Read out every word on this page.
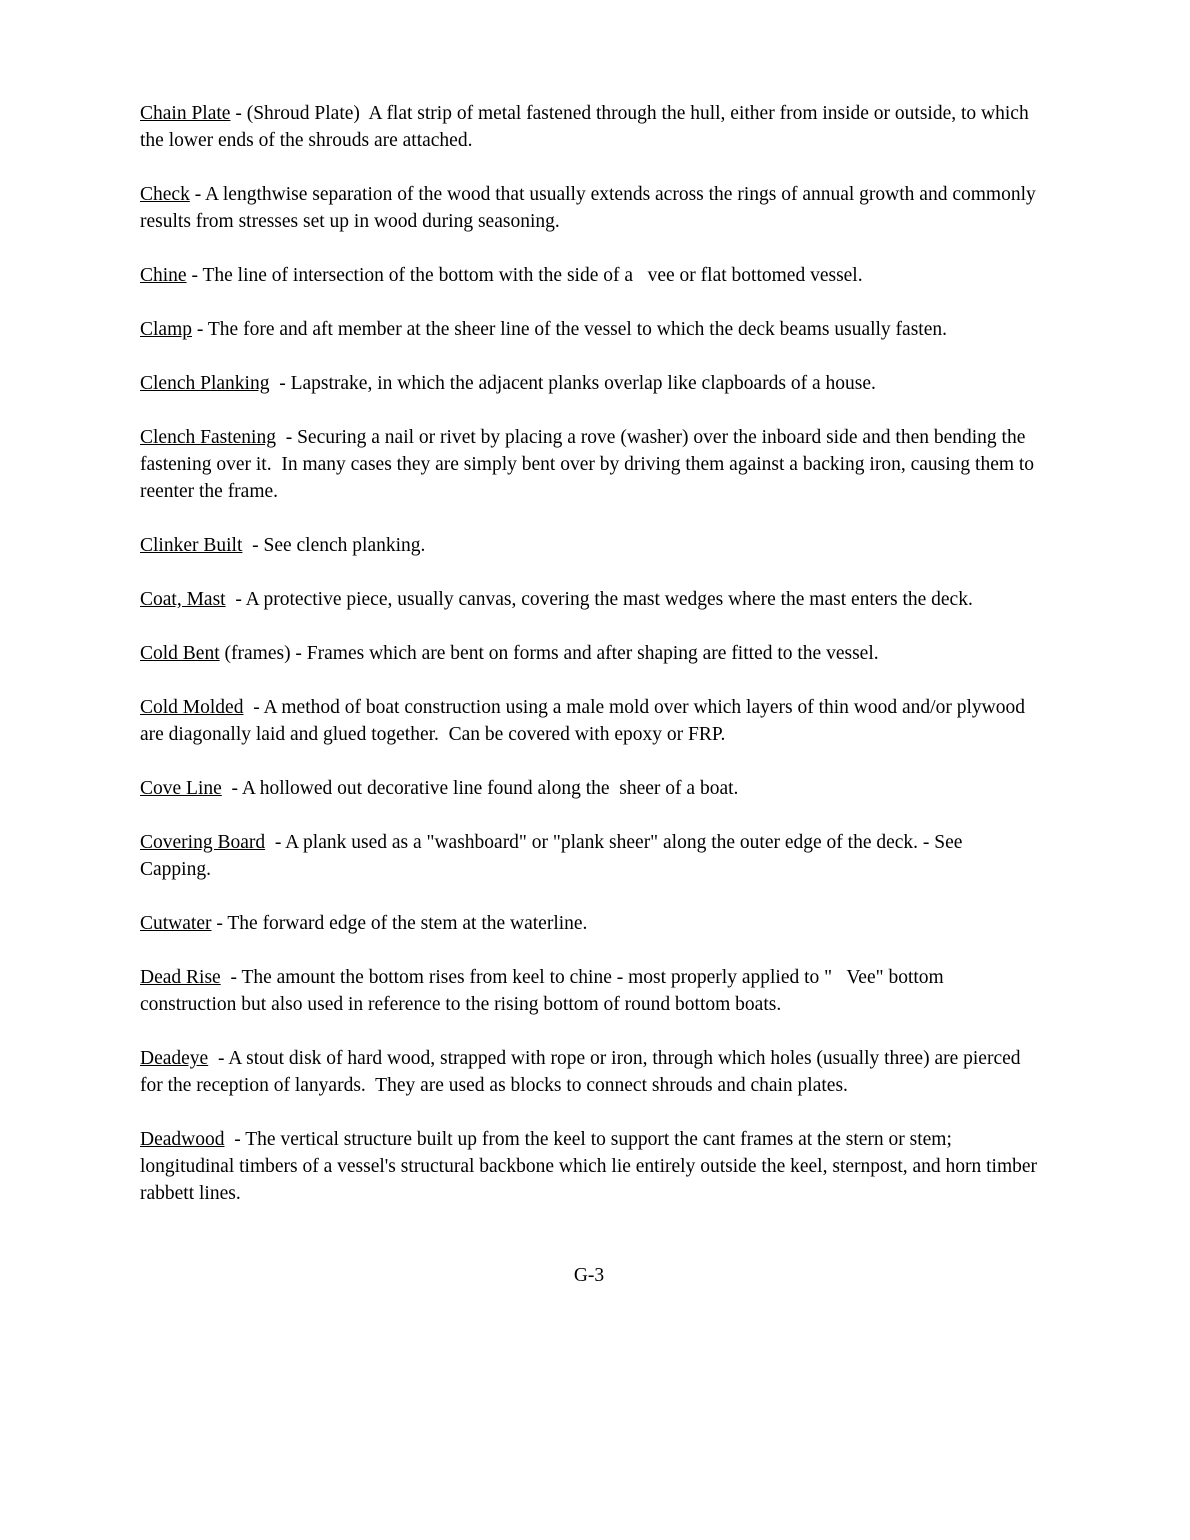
Chain Plate - (Shroud Plate)  A flat strip of metal fastened through the hull, either from inside or outside, to which the lower ends of the shrouds are attached.

Check - A lengthwise separation of the wood that usually extends across the rings of annual growth and commonly results from stresses set up in wood during seasoning.

Chine - The line of intersection of the bottom with the side of a   vee or flat bottomed vessel.

Clamp - The fore and aft member at the sheer line of the vessel to which the deck beams usually fasten.

Clench Planking  - Lapstrake, in which the adjacent planks overlap like clapboards of a house.

Clench Fastening  - Securing a nail or rivet by placing a rove (washer) over the inboard side and then bending the fastening over it.  In many cases they are simply bent over by driving them against a backing iron, causing them to reenter the frame.

Clinker Built  - See clench planking.

Coat, Mast  - A protective piece, usually canvas, covering the mast wedges where the mast enters the deck.

Cold Bent (frames) - Frames which are bent on forms and after shaping are fitted to the vessel.

Cold Molded  - A method of boat construction using a male mold over which layers of thin wood and/or plywood are diagonally laid and glued together.  Can be covered with epoxy or FRP.

Cove Line  - A hollowed out decorative line found along the  sheer of a boat.

Covering Board  - A plank used as a "washboard" or "plank sheer" along the outer edge of the deck. - See Capping.

Cutwater - The forward edge of the stem at the waterline.

Dead Rise  - The amount the bottom rises from keel to chine - most properly applied to "   Vee" bottom construction but also used in reference to the rising bottom of round bottom boats.

Deadeye  - A stout disk of hard wood, strapped with rope or iron, through which holes (usually three) are pierced for the reception of lanyards.  They are used as blocks to connect shrouds and chain plates.

Deadwood  - The vertical structure built up from the keel to support the cant frames at the stern or stem; longitudinal timbers of a vessel's structural backbone which lie entirely outside the keel, sternpost, and horn timber  rabbett lines.

G-3
